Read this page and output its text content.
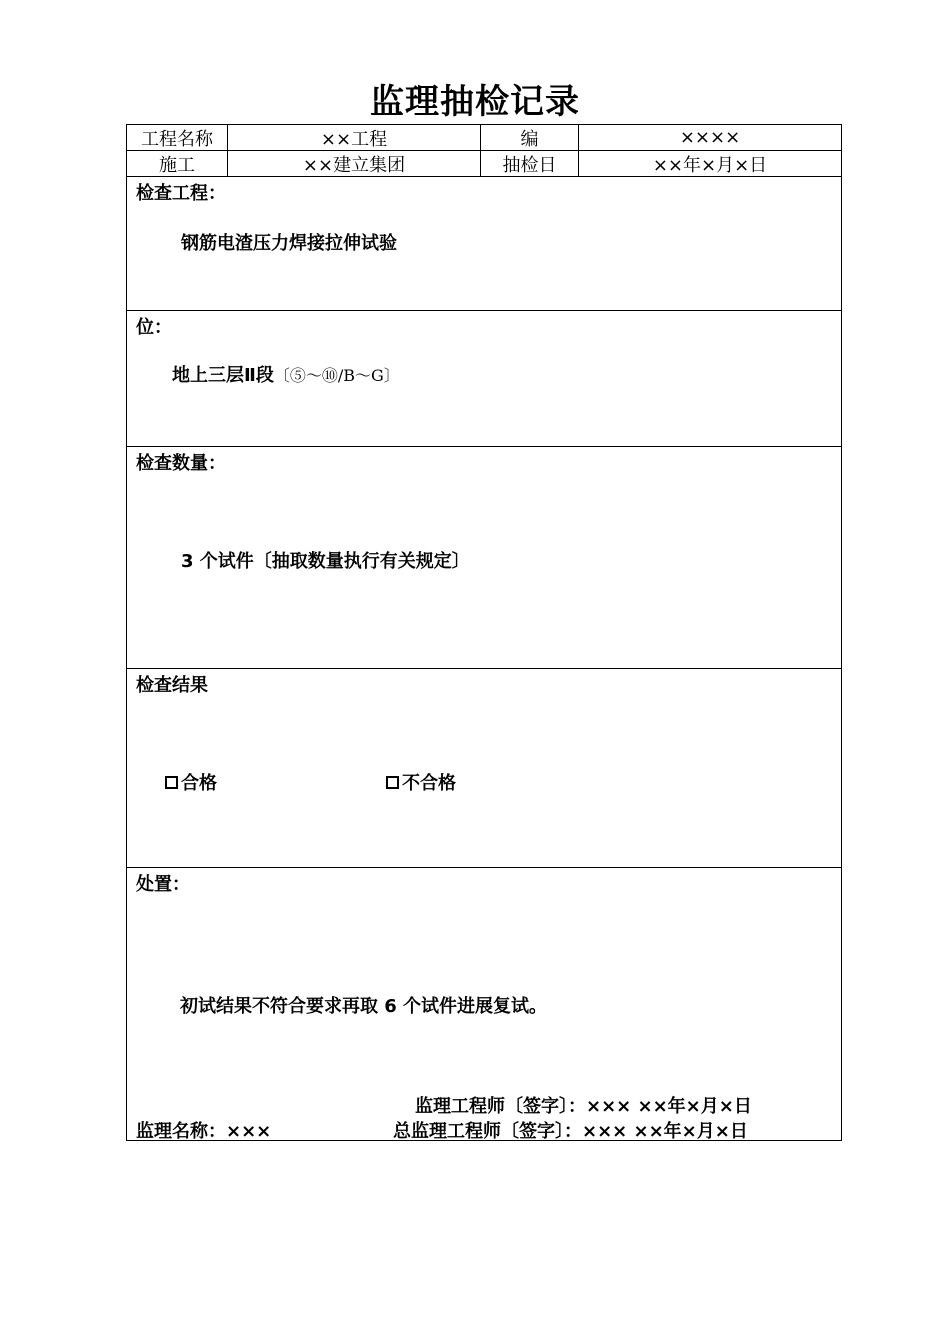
监理抽检记录
工程名称	××工程	编	××××
施工	××建立集团	抽检日	××年×月×日
检查工程：
钢筋电渣压力焊接拉伸试验
位：
地上三层Ⅱ段〔⑤～⑩/B～G〕
检查数量：
3 个试件〔抽取数量执行有关规定〕
检查结果
合格	不合格
处置：
初试结果不符合要求再取 6 个试件进展复试。
监理工程师〔签字〕：××× ××年×月×日
监理名称：×××	总监理工程师〔签字〕：××× ××年×月×日
